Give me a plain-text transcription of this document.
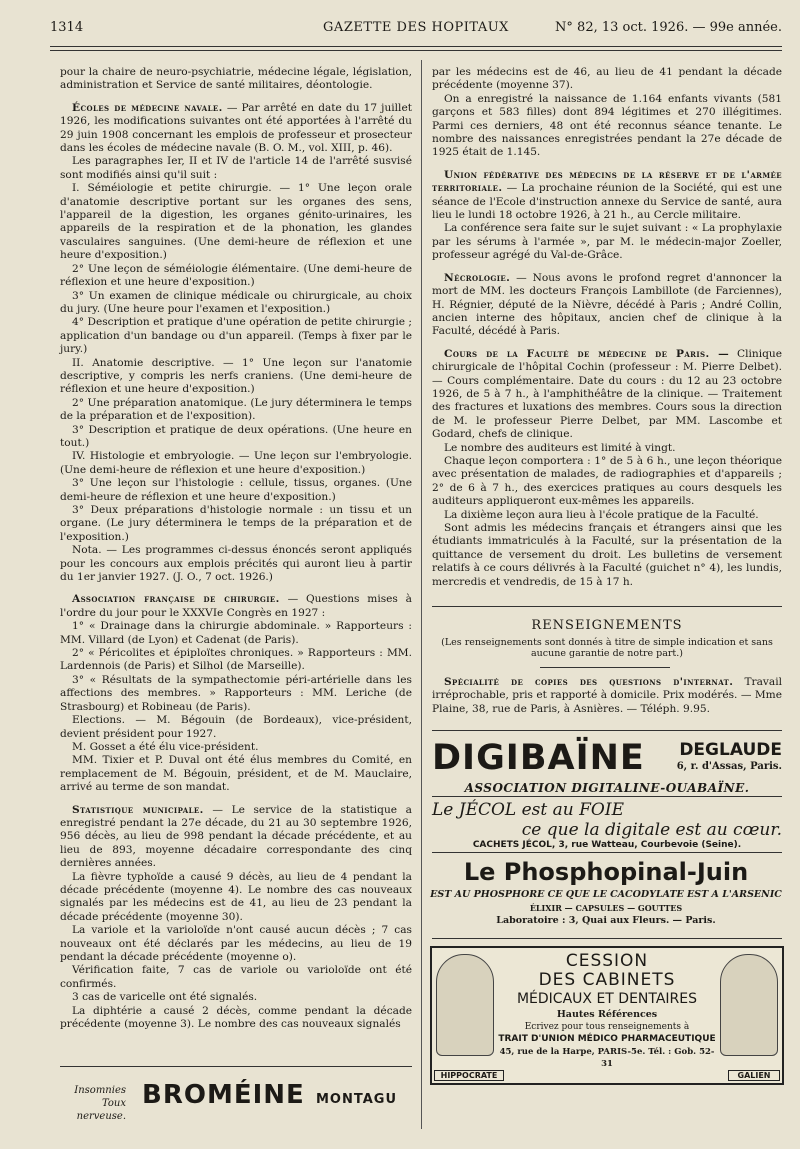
1314	GAZETTE DES HOPITAUX	N° 82, 13 oct. 1926. — 99e année.

pour la chaire de neuro-psychiatrie, médecine légale, législation, administration et Service de santé militaires, déontologie.

Écoles de médecine navale. — Par arrêté en date du 17 juillet 1926, les modifications suivantes ont été apportées à l'arrêté du 29 juin 1908 concernant les emplois de professeur et prosecteur dans les écoles de médecine navale (B. O. M., vol. XIII, p. 46).

Les paragraphes Ier, II et IV de l'article 14 de l'arrêté susvisé sont modifiés ainsi qu'il suit :

I. Séméiologie et petite chirurgie. — 1° Une leçon orale d'anatomie descriptive portant sur les organes des sens, l'appareil de la digestion, les organes génito-urinaires, les appareils de la respiration et de la phonation, les glandes vasculaires sanguines. (Une demi-heure de réflexion et une heure d'exposition.)

2° Une leçon de séméiologie élémentaire. (Une demi-heure de réflexion et une heure d'exposition.)

3° Un examen de clinique médicale ou chirurgicale, au choix du jury. (Une heure pour l'examen et l'exposition.)

4° Description et pratique d'une opération de petite chirurgie ; application d'un bandage ou d'un appareil. (Temps à fixer par le jury.)

II. Anatomie descriptive. — 1° Une leçon sur l'anatomie descriptive, y compris les nerfs craniens. (Une demi-heure de réflexion et une heure d'exposition.)

2° Une préparation anatomique. (Le jury déterminera le temps de la préparation et de l'exposition).

3° Description et pratique de deux opérations. (Une heure en tout.)

IV. Histologie et embryologie. — Une leçon sur l'embryologie. (Une demi-heure de réflexion et une heure d'exposition.)

3° Une leçon sur l'histologie : cellule, tissus, organes. (Une demi-heure de réflexion et une heure d'exposition.)

3° Deux préparations d'histologie normale : un tissu et un organe. (Le jury déterminera le temps de la préparation et de l'exposition.)

Nota. — Les programmes ci-dessus énoncés seront appliqués pour les concours aux emplois précités qui auront lieu à partir du 1er janvier 1927. (J. O., 7 oct. 1926.)

Association française de chirurgie. — Questions mises à l'ordre du jour pour le XXXVIe Congrès en 1927 :

1° « Drainage dans la chirurgie abdominale. » Rapporteurs : MM. Villard (de Lyon) et Cadenat (de Paris).

2° « Péricolites et épiploïtes chroniques. » Rapporteurs : MM. Lardennois (de Paris) et Silhol (de Marseille).

3° « Résultats de la sympathectomie péri-artérielle dans les affections des membres. » Rapporteurs : MM. Leriche (de Strasbourg) et Robineau (de Paris).

Elections. — M. Bégouin (de Bordeaux), vice-président, devient président pour 1927.

M. Gosset a été élu vice-président.

MM. Tixier et P. Duval ont été élus membres du Comité, en remplacement de M. Bégouin, président, et de M. Mauclaire, arrivé au terme de son mandat.

Statistique municipale. — Le service de la statistique a enregistré pendant la 27e décade, du 21 au 30 septembre 1926, 956 décès, au lieu de 998 pendant la décade précédente, et au lieu de 893, moyenne décadaire correspondante des cinq dernières années.

La fièvre typhoïde a causé 9 décès, au lieu de 4 pendant la décade précédente (moyenne 4). Le nombre des cas nouveaux signalés par les médecins est de 41, au lieu de 23 pendant la décade précédente (moyenne 30).

La variole et la varioloïde n'ont causé aucun décès ; 7 cas nouveaux ont été déclarés par les médecins, au lieu de 19 pendant la décade précédente (moyenne o).

Vérification faite, 7 cas de variole ou varioloïde ont été confirmés.

3 cas de varicelle ont été signalés.

La diphtérie a causé 2 décès, comme pendant la décade précédente (moyenne 3). Le nombre des cas nouveaux signalés

Insomnies
Toux nerveuse.
BROMÉINE MONTAGU

par les médecins est de 46, au lieu de 41 pendant la décade précédente (moyenne 37).

On a enregistré la naissance de 1.164 enfants vivants (581 garçons et 583 filles) dont 894 légitimes et 270 illégitimes. Parmi ces derniers, 48 ont été reconnus séance tenante. Le nombre des naissances enregistrées pendant la 27e décade de 1925 était de 1.145.

Union fédérative des médecins de la réserve et de l'armée territoriale. — La prochaine réunion de la Société, qui est une séance de l'Ecole d'instruction annexe du Service de santé, aura lieu le lundi 18 octobre 1926, à 21 h., au Cercle militaire.

La conférence sera faite sur le sujet suivant : « La prophylaxie par les sérums à l'armée », par M. le médecin-major Zoeller, professeur agrégé du Val-de-Grâce.

Nécrologie. — Nous avons le profond regret d'annoncer la mort de MM. les docteurs François Lambillote (de Farciennes), H. Régnier, député de la Nièvre, décédé à Paris ; André Collin, ancien interne des hôpitaux, ancien chef de clinique à la Faculté, décédé à Paris.

Cours de la Faculté de médecine de Paris. — Clinique chirurgicale de l'hôpital Cochin (professeur : M. Pierre Delbet). — Cours complémentaire. Date du cours : du 12 au 23 octobre 1926, de 5 à 7 h., à l'amphithéâtre de la clinique. — Traitement des fractures et luxations des membres. Cours sous la direction de M. le professeur Pierre Delbet, par MM. Lascombe et Godard, chefs de clinique.

Le nombre des auditeurs est limité à vingt.

Chaque leçon comportera : 1° de 5 à 6 h., une leçon théorique avec présentation de malades, de radiographies et d'appareils ; 2° de 6 à 7 h., des exercices pratiques au cours desquels les auditeurs appliqueront eux-mêmes les appareils.

La dixième leçon aura lieu à l'école pratique de la Faculté.

Sont admis les médecins français et étrangers ainsi que les étudiants immatriculés à la Faculté, sur la présentation de la quittance de versement du droit. Les bulletins de versement relatifs à ce cours délivrés à la Faculté (guichet n° 4), les lundis, mercredis et vendredis, de 15 à 17 h.

RENSEIGNEMENTS
(Les renseignements sont donnés à titre de simple indication et sans aucune garantie de notre part.)

Spécialité de copies des questions d'internat. Travail irréprochable, pris et rapporté à domicile. Prix modérés. — Mme Plaine, 38, rue de Paris, à Asnières. — Téléph. 9.95.

DIGIBAÏNE DEGLAUDE
6, r. d'Assas, Paris.
ASSOCIATION DIGITALINE-OUABAÏNE.
Le JÉCOL est au FOIE
ce que la digitale est au cœur.
CACHETS JÉCOL, 3, rue Watteau, Courbevoie (Seine).
Le Phosphopinal-Juin
EST AU PHOSPHORE CE QUE LE CACODYLATE EST A L'ARSENIC
ÉLIXIR — CAPSULES — GOUTTES
Laboratoire : 3, Quai aux Fleurs. — Paris.
HIPPOCRATE	GALIEN
CESSION
DES CABINETS
MÉDICAUX ET DENTAIRES
Hautes Références
Ecrivez pour tous renseignements à
TRAIT D'UNION MÉDICO PHARMACEUTIQUE
45, rue de la Harpe, PARIS-5e. Tél. : Gob. 52-31
